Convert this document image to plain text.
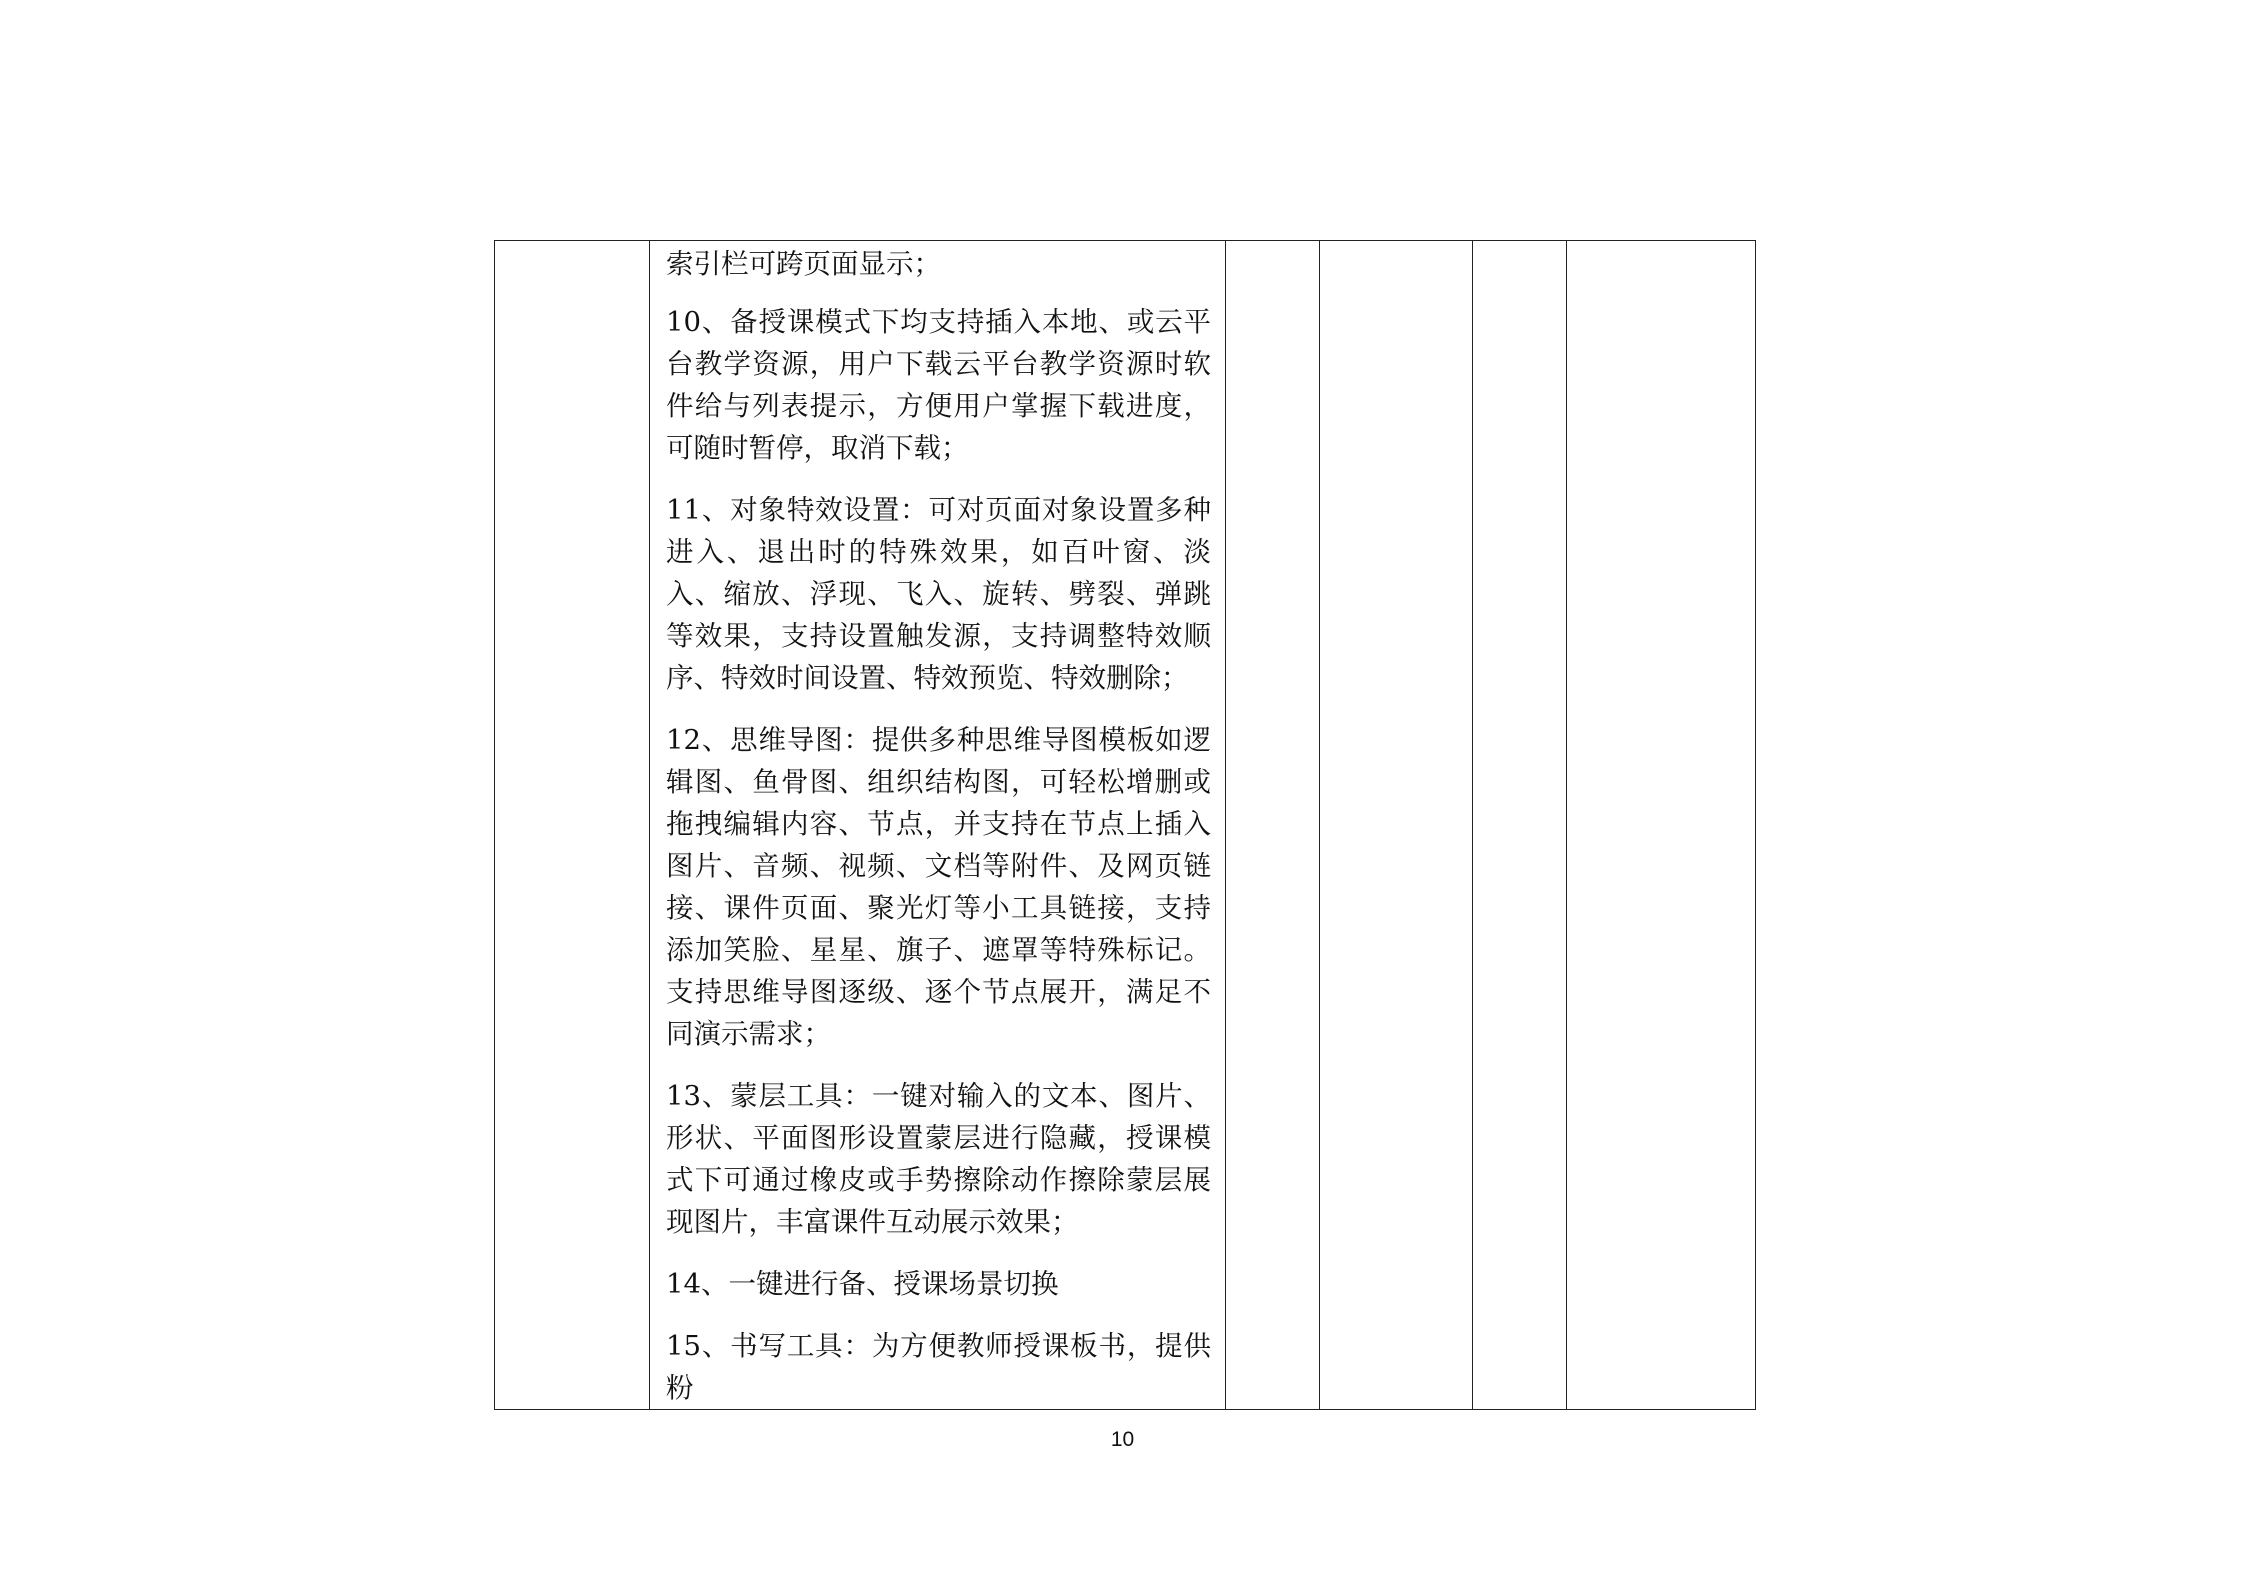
索引栏可跨页面显示；

10、备授课模式下均支持插入本地、或云平台教学资源，用户下载云平台教学资源时软件给与列表提示，方便用户掌握下载进度，可随时暂停，取消下载；

11、对象特效设置：可对页面对象设置多种进入、退出时的特殊效果，如百叶窗、淡入、缩放、浮现、飞入、旋转、劈裂、弹跳等效果，支持设置触发源，支持调整特效顺序、特效时间设置、特效预览、特效删除；

12、思维导图：提供多种思维导图模板如逻辑图、鱼骨图、组织结构图，可轻松增删或拖拽编辑内容、节点，并支持在节点上插入图片、音频、视频、文档等附件、及网页链接、课件页面、聚光灯等小工具链接，支持添加笑脸、星星、旗子、遮罩等特殊标记。支持思维导图逐级、逐个节点展开，满足不同演示需求；

13、蒙层工具：一键对输入的文本、图片、形状、平面图形设置蒙层进行隐藏，授课模式下可通过橡皮或手势擦除动作擦除蒙层展现图片，丰富课件互动展示效果；

14、一键进行备、授课场景切换

15、书写工具：为方便教师授课板书，提供粉

10
